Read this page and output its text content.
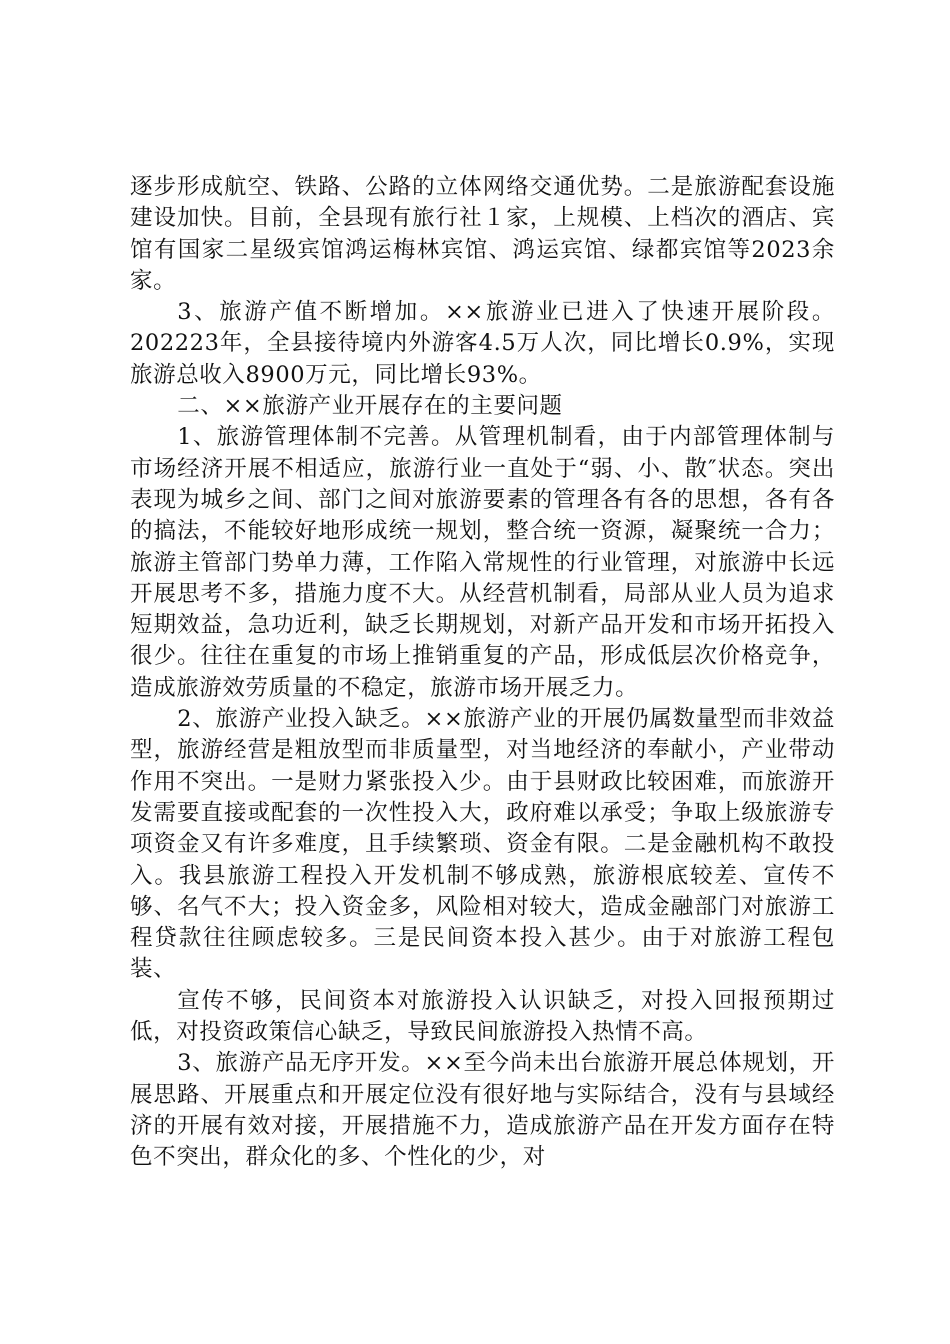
逐步形成航空、铁路、公路的立体网络交通优势。二是旅游配套设施建设加快。目前，全县现有旅行社１家，上规模、上档次的酒店、宾馆有国家二星级宾馆鸿运梅林宾馆、鸿运宾馆、绿都宾馆等2023余家。

3、旅游产值不断增加。××旅游业已进入了快速开展阶段。202223年，全县接待境内外游客4.5万人次，同比增长0.9%，实现旅游总收入8900万元，同比增长93%。

二、××旅游产业开展存在的主要问题

1、旅游管理体制不完善。从管理机制看，由于内部管理体制与市场经济开展不相适应，旅游行业一直处于“弱、小、散″状态。突出表现为城乡之间、部门之间对旅游要素的管理各有各的思想，各有各的搞法，不能较好地形成统一规划，整合统一资源，凝聚统一合力；旅游主管部门势单力薄，工作陷入常规性的行业管理，对旅游中长远开展思考不多，措施力度不大。从经营机制看，局部从业人员为追求短期效益，急功近利，缺乏长期规划，对新产品开发和市场开拓投入很少。往往在重复的市场上推销重复的产品，形成低层次价格竞争，造成旅游效劳质量的不稳定，旅游市场开展乏力。

2、旅游产业投入缺乏。××旅游产业的开展仍属数量型而非效益型，旅游经营是粗放型而非质量型，对当地经济的奉献小，产业带动作用不突出。一是财力紧张投入少。由于县财政比较困难，而旅游开发需要直接或配套的一次性投入大，政府难以承受；争取上级旅游专项资金又有许多难度，且手续繁琐、资金有限。二是金融机构不敢投入。我县旅游工程投入开发机制不够成熟，旅游根底较差、宣传不够、名气不大；投入资金多，风险相对较大，造成金融部门对旅游工程贷款往往顾虑较多。三是民间资本投入甚少。由于对旅游工程包装、

宣传不够，民间资本对旅游投入认识缺乏，对投入回报预期过低，对投资政策信心缺乏，导致民间旅游投入热情不高。

3、旅游产品无序开发。××至今尚未出台旅游开展总体规划，开展思路、开展重点和开展定位没有很好地与实际结合，没有与县域经济的开展有效对接，开展措施不力，造成旅游产品在开发方面存在特色不突出，群众化的多、个性化的少，对
